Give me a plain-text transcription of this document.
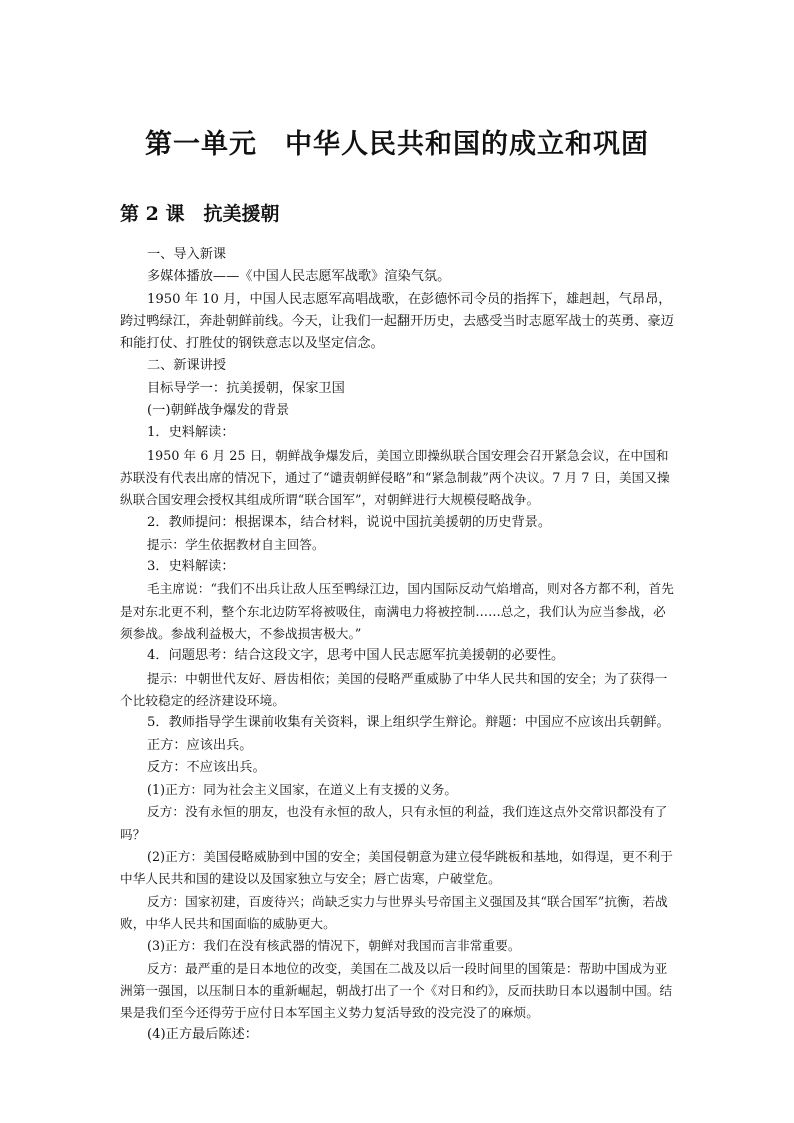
第一单元　中华人民共和国的成立和巩固
第 2 课　抗美援朝

一、导入新课

多媒体播放——《中国人民志愿军战歌》渲染气氛。

1950 年 10 月，中国人民志愿军高唱战歌，在彭德怀司令员的指挥下，雄赳赳，气昂昂，跨过鸭绿江，奔赴朝鲜前线。今天，让我们一起翻开历史，去感受当时志愿军战士的英勇、豪迈和能打仗、打胜仗的钢铁意志以及坚定信念。

二、新课讲授

目标导学一：抗美援朝，保家卫国

(一)朝鲜战争爆发的背景

1．史料解读：

1950 年 6 月 25 日，朝鲜战争爆发后，美国立即操纵联合国安理会召开紧急会议，在中国和苏联没有代表出席的情况下，通过了“谴责朝鲜侵略”和“紧急制裁”两个决议。7 月 7 日，美国又操纵联合国安理会授权其组成所谓“联合国军”，对朝鲜进行大规模侵略战争。

2．教师提问：根据课本，结合材料，说说中国抗美援朝的历史背景。

提示：学生依据教材自主回答。

3．史料解读：

毛主席说：“我们不出兵让敌人压至鸭绿江边，国内国际反动气焰增高，则对各方都不利，首先是对东北更不利，整个东北边防军将被吸住，南满电力将被控制……总之，我们认为应当参战，必须参战。参战利益极大，不参战损害极大。”

4．问题思考：结合这段文字，思考中国人民志愿军抗美援朝的必要性。

提示：中朝世代友好、唇齿相依；美国的侵略严重威胁了中华人民共和国的安全；为了获得一个比较稳定的经济建设环境。

5．教师指导学生课前收集有关资料，课上组织学生辩论。辩题：中国应不应该出兵朝鲜。

正方：应该出兵。

反方：不应该出兵。

(1)正方：同为社会主义国家，在道义上有支援的义务。

反方：没有永恒的朋友，也没有永恒的敌人，只有永恒的利益，我们连这点外交常识都没有了吗？

(2)正方：美国侵略威胁到中国的安全；美国侵朝意为建立侵华跳板和基地，如得逞，更不利于中华人民共和国的建设以及国家独立与安全；唇亡齿寒，户破堂危。

反方：国家初建，百废待兴；尚缺乏实力与世界头号帝国主义强国及其“联合国军”抗衡，若战败，中华人民共和国面临的威胁更大。

(3)正方：我们在没有核武器的情况下，朝鲜对我国而言非常重要。

反方：最严重的是日本地位的改变，美国在二战及以后一段时间里的国策是：帮助中国成为亚洲第一强国，以压制日本的重新崛起，朝战打出了一个《对日和约》，反而扶助日本以遏制中国。结果是我们至今还得劳于应付日本军国主义势力复活导致的没完没了的麻烦。

(4)正方最后陈述：
